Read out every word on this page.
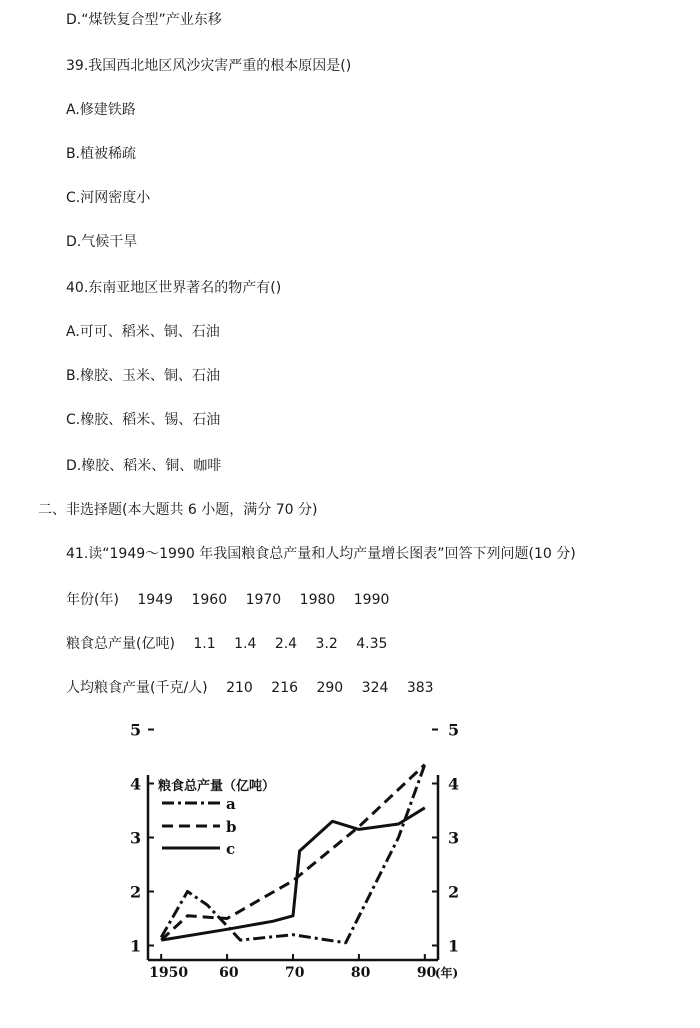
D.“煤铁复合型”产业东移
39.我国西北地区风沙灾害严重的根本原因是()
A.修建铁路
B.植被稀疏
C.河网密度小
D.气候干旱
40.东南亚地区世界著名的物产有()
A.可可、稻米、铜、石油
B.橡胶、玉米、铜、石油
C.橡胶、稻米、锡、石油
D.橡胶、稻米、铜、咖啡
二、非选择题(本大题共 6 小题，满分 70 分)
41.读“1949～1990 年我国粮食总产量和人均产量增长图表”回答下列问题(10 分)
年份(年) 1949 1960 1970 1980 1990
粮食总产量(亿吨) 1.1 1.4 2.4 3.2 4.35
人均粮食产量(千克/人) 210 216 290 324 383
1	1
2	2
3	3
4	4
5	5
1950 60	70	80	90
(年)
粮食总产量（亿吨）
a
b
c
